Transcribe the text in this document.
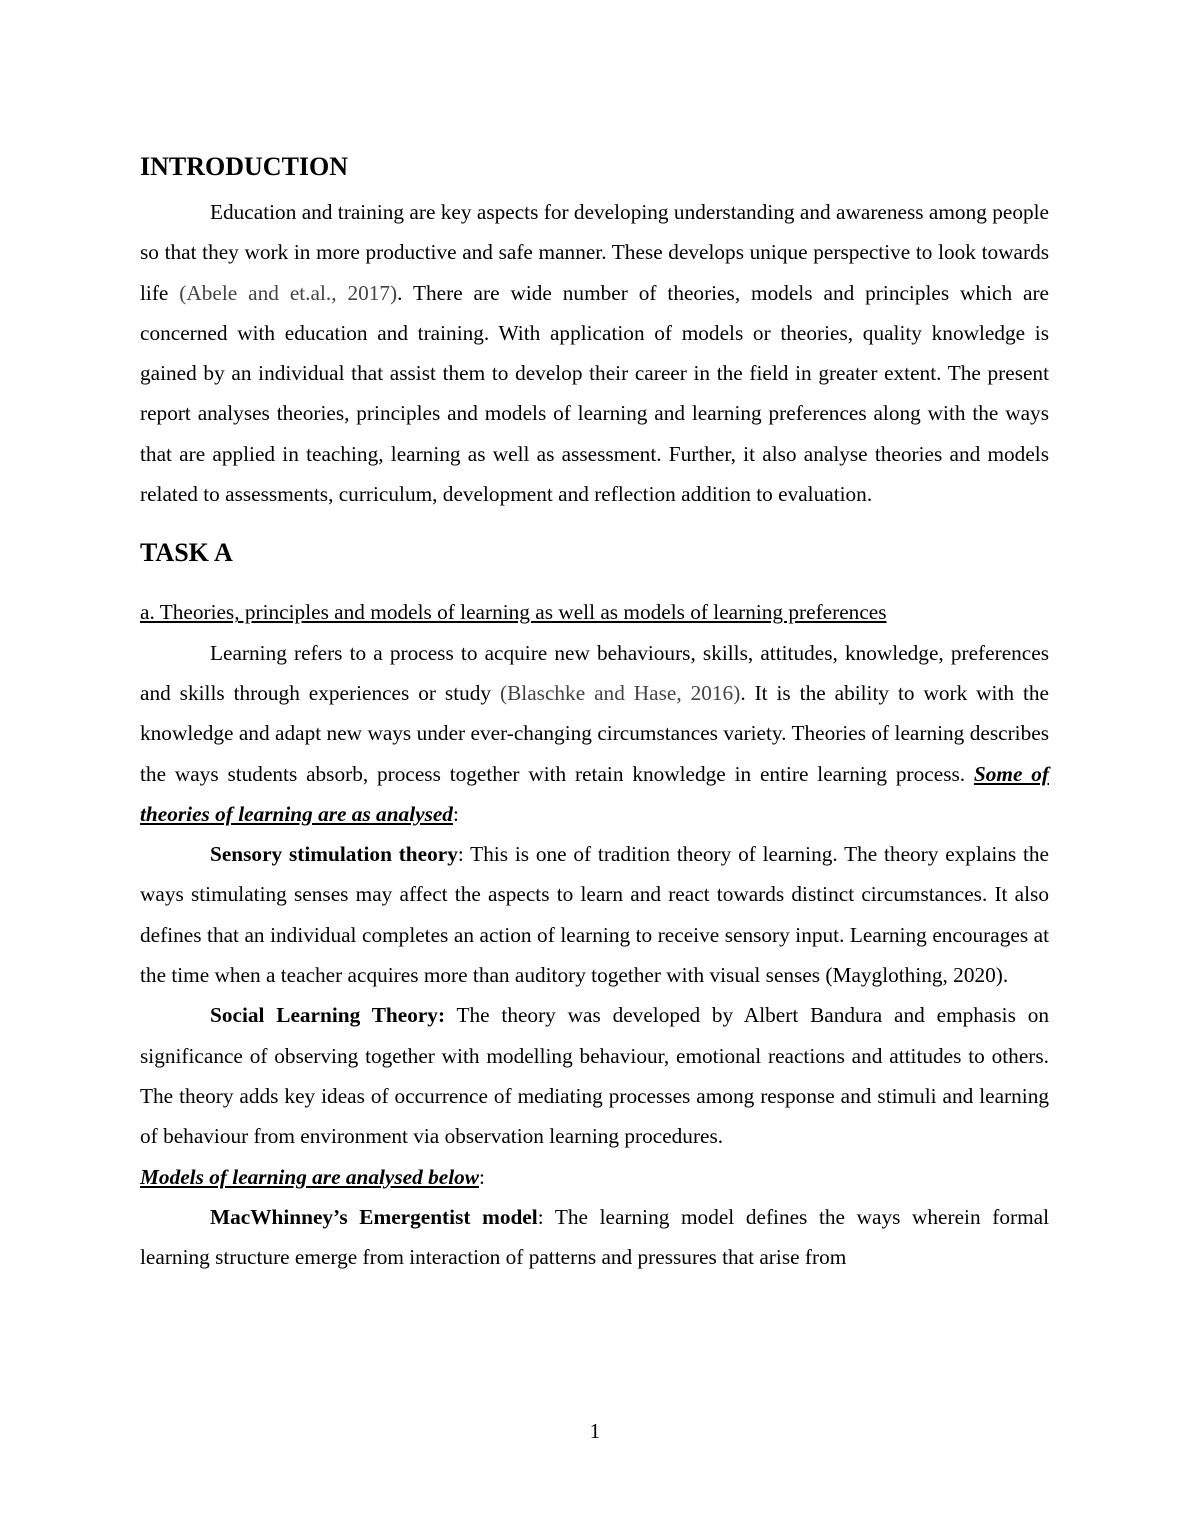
INTRODUCTION

Education and training are key aspects for developing understanding and awareness among people so that they work in more productive and safe manner. These develops unique perspective to look towards life (Abele and et.al., 2017). There are wide number of theories, models and principles which are concerned with education and training. With application of models or theories, quality knowledge is gained by an individual that assist them to develop their career in the field in greater extent. The present report analyses theories, principles and models of learning and learning preferences along with the ways that are applied in teaching, learning as well as assessment. Further, it also analyse theories and models related to assessments, curriculum, development and reflection addition to evaluation.

TASK A

a. Theories, principles and models of learning as well as models of learning preferences

Learning refers to a process to acquire new behaviours, skills, attitudes, knowledge, preferences and skills through experiences or study (Blaschke and Hase, 2016). It is the ability to work with the knowledge and adapt new ways under ever-changing circumstances variety. Theories of learning describes the ways students absorb, process together with retain knowledge in entire learning process. Some of theories of learning are as analysed:

Sensory stimulation theory: This is one of tradition theory of learning. The theory explains the ways stimulating senses may affect the aspects to learn and react towards distinct circumstances. It also defines that an individual completes an action of learning to receive sensory input. Learning encourages at the time when a teacher acquires more than auditory together with visual senses (Mayglothing, 2020).

Social Learning Theory: The theory was developed by Albert Bandura and emphasis on significance of observing together with modelling behaviour, emotional reactions and attitudes to others. The theory adds key ideas of occurrence of mediating processes among response and stimuli and learning of behaviour from environment via observation learning procedures.

Models of learning are analysed below:

MacWhinney’s Emergentist model: The learning model defines the ways wherein formal learning structure emerge from interaction of patterns and pressures that arise from

1
